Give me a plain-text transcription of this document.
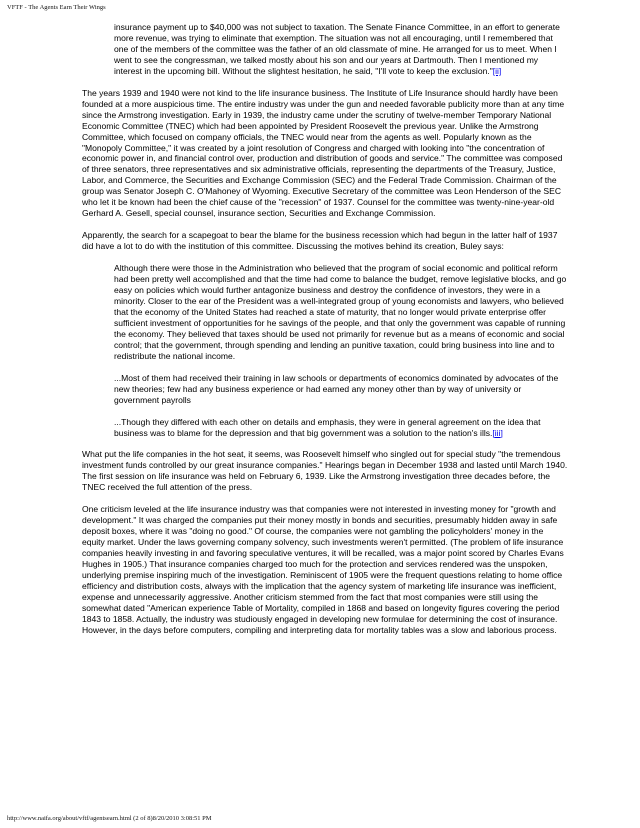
VFTF - The Agents Earn Their Wings

insurance payment up to $40,000 was not subject to taxation. The Senate Finance Committee, in an effort to generate more revenue, was trying to eliminate that exemption. The situation was not all encouraging, until I remembered that one of the members of the committee was the father of an old classmate of mine. He arranged for us to meet. When I went to see the congressman, we talked mostly about his son and our years at Dartmouth. Then I mentioned my interest in the upcoming bill. Without the slightest hesitation, he said, "I'll vote to keep the exclusion."[ii]

The years 1939 and 1940 were not kind to the life insurance business. The Institute of Life Insurance should hardly have been founded at a more auspicious time. The entire industry was under the gun and needed favorable publicity more than at any time since the Armstrong investigation. Early in 1939, the industry came under the scrutiny of twelve-member Temporary National Economic Committee (TNEC) which had been appointed by President Roosevelt the previous year. Unlike the Armstrong Committee, which focused on company officials, the TNEC would near from the agents as well. Popularly known as the "Monopoly Committee," it was created by a joint resolution of Congress and charged with looking into "the concentration of economic power in, and financial control over, production and distribution of goods and service." The committee was composed of three senators, three representatives and six administrative officials, representing the departments of the Treasury, Justice, Labor, and Commerce, the Securities and Exchange Commission (SEC) and the Federal Trade Commission. Chairman of the group was Senator Joseph C. O'Mahoney of Wyoming. Executive Secretary of the committee was Leon Henderson of the SEC who let it be known had been the chief cause of the "recession" of 1937. Counsel for the committee was twenty-nine-year-old Gerhard A. Gesell, special counsel, insurance section, Securities and Exchange Commission.

Apparently, the search for a scapegoat to bear the blame for the business recession which had begun in the latter half of 1937 did have a lot to do with the institution of this committee. Discussing the motives behind its creation, Buley says:

Although there were those in the Administration who believed that the program of social economic and political reform had been pretty well accomplished and that the time had come to balance the budget, remove legislative blocks, and go easy on policies which would further antagonize business and destroy the confidence of investors, they were in a minority. Closer to the ear of the President was a well-integrated group of young economists and lawyers, who believed that the economy of the United States had reached a state of maturity, that no longer would private enterprise offer sufficient investment of opportunities for he savings of the people, and that only the government was capable of running the economy. They believed that taxes should be used not primarily for revenue but as a means of economic and social control; that the government, through spending and lending an punitive taxation, could bring business into line and to redistribute the national income.

...Most of them had received their training in law schools or departments of economics dominated by advocates of the new theories; few had any business experience or had earned any money other than by way of university or government payrolls

...Though they differed with each other on details and emphasis, they were in general agreement on the idea that business was to blame for the depression and that big government was a solution to the nation's ills.[iii]

What put the life companies in the hot seat, it seems, was Roosevelt himself who singled out for special study "the tremendous investment funds controlled by our great insurance companies." Hearings began in December 1938 and lasted until March 1940. The first session on life insurance was held on February 6, 1939. Like the Armstrong investigation three decades before, the TNEC received the full attention of the press.

One criticism leveled at the life insurance industry was that companies were not interested in investing money for "growth and development." It was charged the companies put their money mostly in bonds and securities, presumably hidden away in safe deposit boxes, where it was "doing no good." Of course, the companies were not gambling the policyholders' money in the equity market. Under the laws governing company solvency, such investments weren't permitted. (The problem of life insurance companies heavily investing in and favoring speculative ventures, it will be recalled, was a major point scored by Charles Evans Hughes in 1905.) That insurance companies charged too much for the protection and services rendered was the unspoken, underlying premise inspiring much of the investigation. Reminiscent of 1905 were the frequent questions relating to home office efficiency and distribution costs, always with the implication that the agency system of marketing life insurance was inefficient, expense and unnecessarily aggressive. Another criticism stemmed from the fact that most companies were still using the somewhat dated "American experience Table of Mortality, compiled in 1868 and based on longevity figures covering the period 1843 to 1858. Actually, the industry was studiously engaged in developing new formulae for determining the cost of insurance. However, in the days before computers, compiling and interpreting data for mortality tables was a slow and laborious process.

http://www.naifa.org/about/vftf/agentsearn.html (2 of 8)8/20/2010 3:08:51 PM
